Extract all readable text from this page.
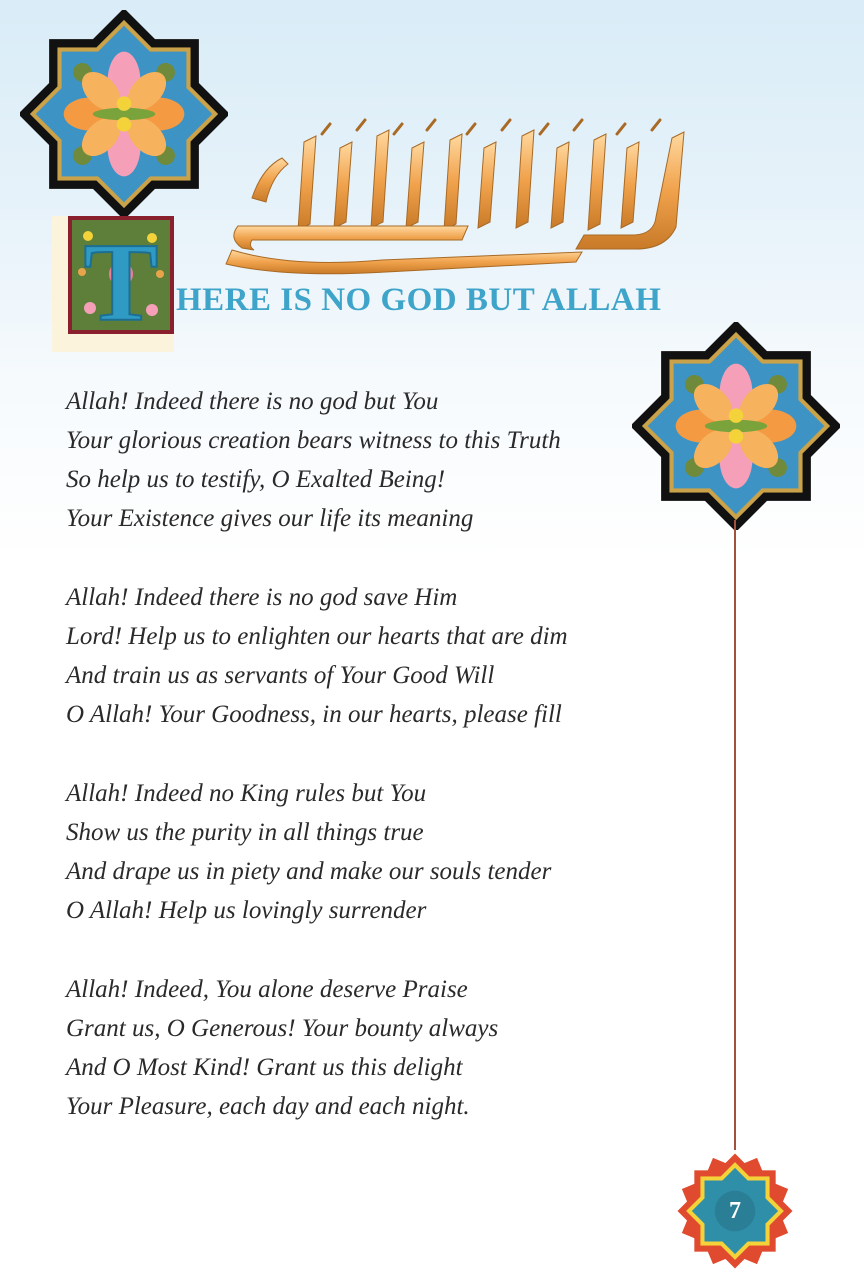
T HERE IS NO GOD BUT ALLAH
Allah! Indeed there is no god but You
Your glorious creation bears witness to this Truth
So help us to testify, O Exalted Being!
Your Existence gives our life its meaning
Allah! Indeed there is no god save Him
Lord! Help us to enlighten our hearts that are dim
And train us as servants of Your Good Will
O Allah! Your Goodness, in our hearts, please fill
Allah! Indeed no King rules but You
Show us the purity in all things true
And drape us in piety and make our souls tender
O Allah! Help us lovingly surrender
Allah! Indeed, You alone deserve Praise
Grant us, O Generous! Your bounty always
And O Most Kind! Grant us this delight
Your Pleasure, each day and each night.
7
